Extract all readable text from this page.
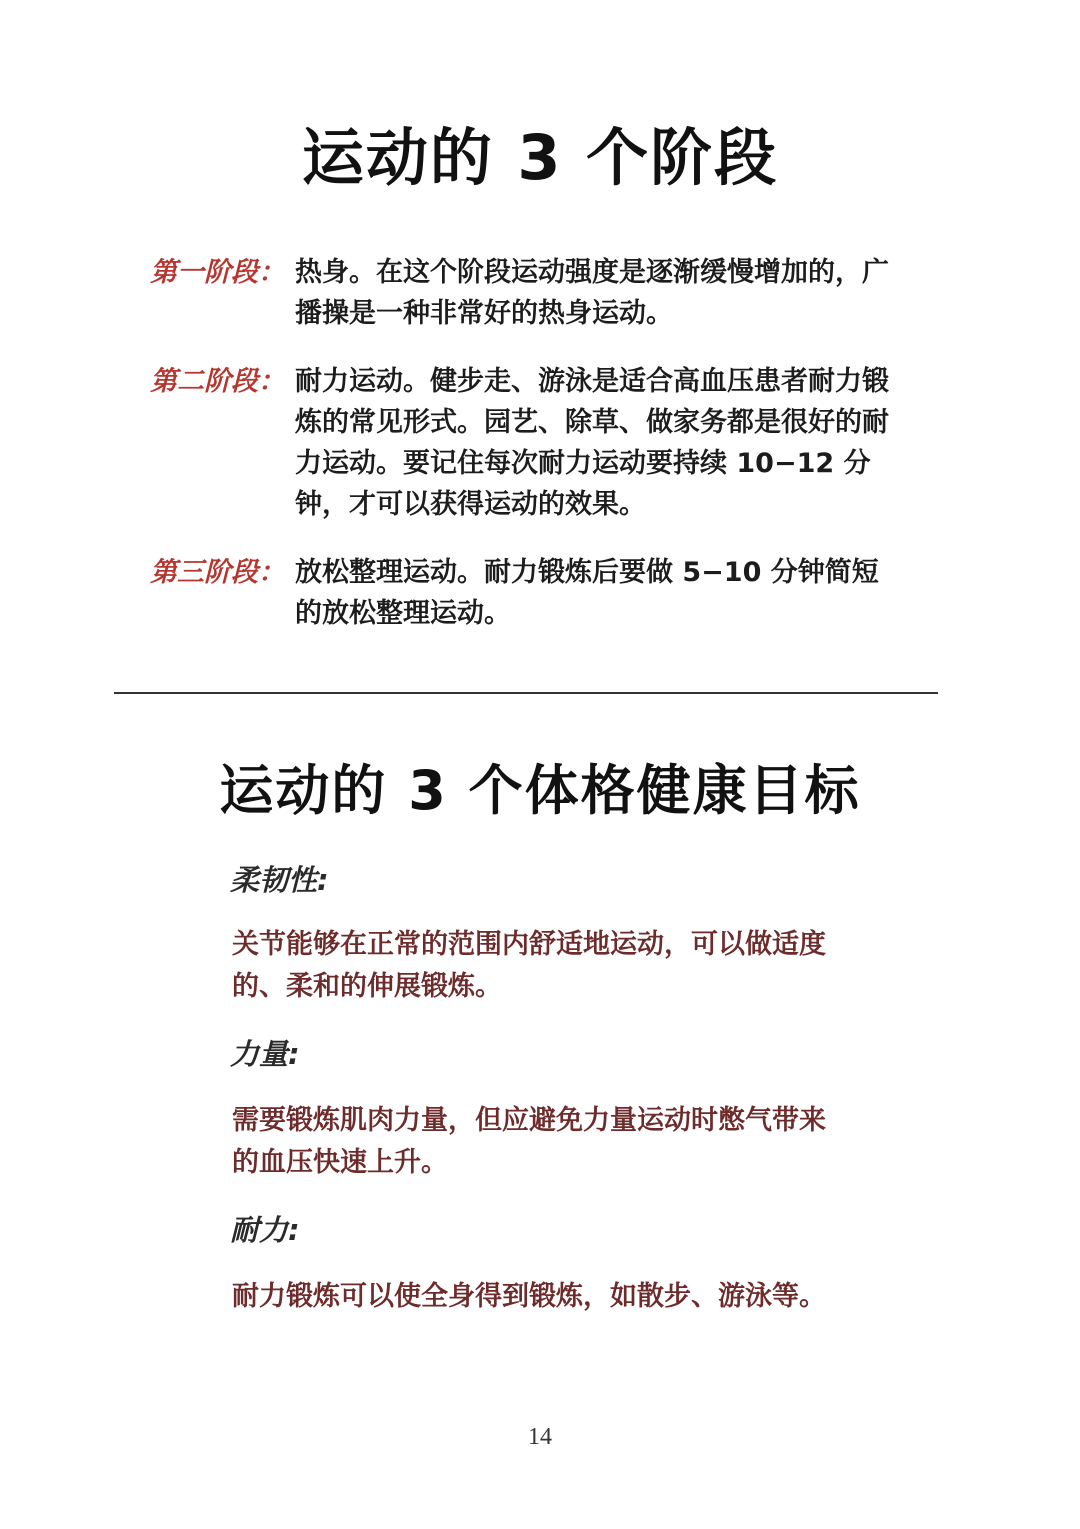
运动的 3 个阶段
第一阶段： 热身。在这个阶段运动强度是逐渐缓慢增加的，广播操是一种非常好的热身运动。
第二阶段： 耐力运动。健步走、游泳是适合高血压患者耐力锻炼的常见形式。园艺、除草、做家务都是很好的耐力运动。要记住每次耐力运动要持续 10−12 分钟，才可以获得运动的效果。
第三阶段： 放松整理运动。耐力锻炼后要做 5−10 分钟简短的放松整理运动。
运动的 3 个体格健康目标
柔韧性:

关节能够在正常的范围内舒适地运动，可以做适度的、柔和的伸展锻炼。

力量:

需要锻炼肌肉力量，但应避免力量运动时憋气带来的血压快速上升。

耐力:

耐力锻炼可以使全身得到锻炼，如散步、游泳等。

14
